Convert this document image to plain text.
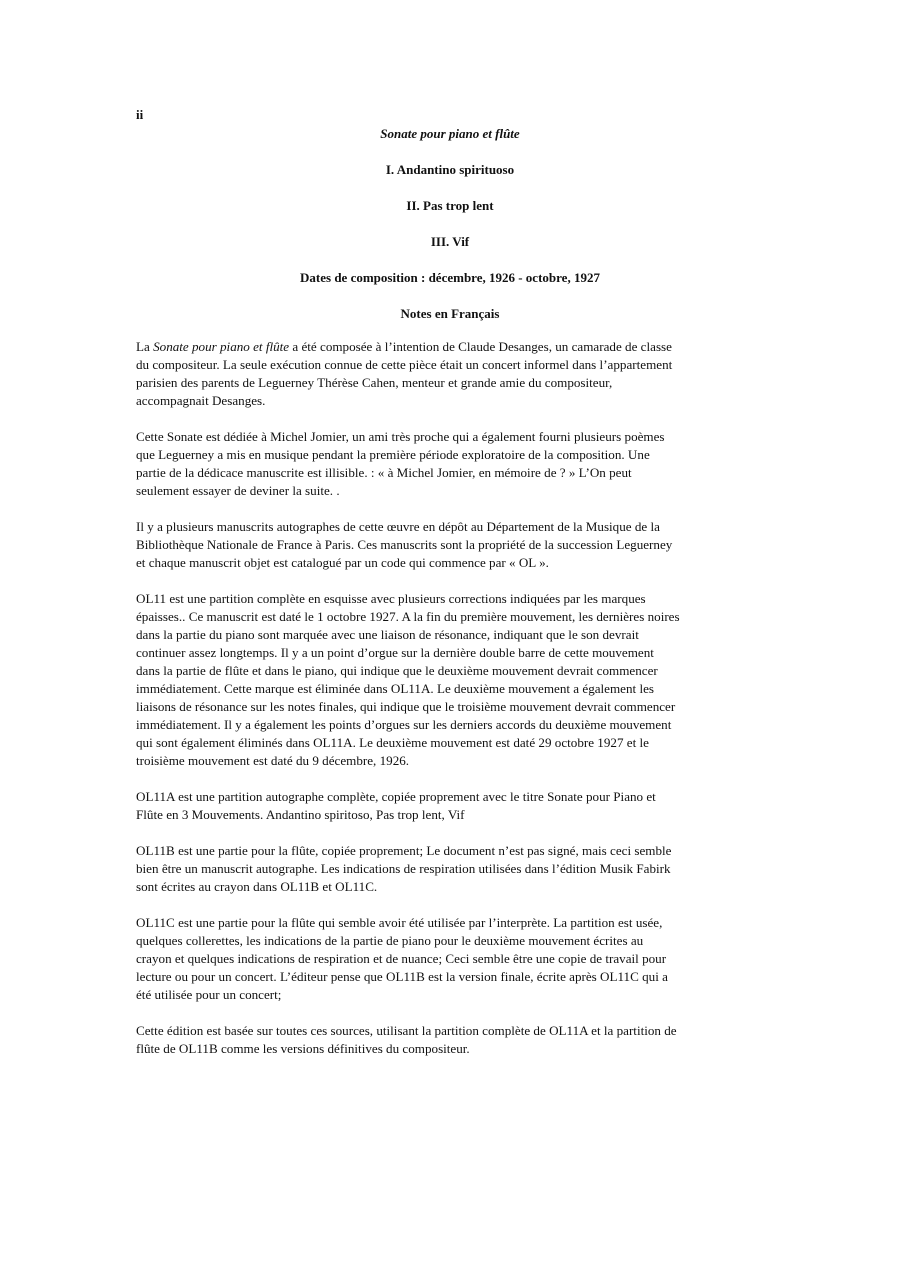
ii
Sonate pour piano et flûte
I. Andantino spirituoso
II. Pas trop lent
III. Vif
Dates de composition : décembre, 1926 - octobre, 1927
Notes en Français

La Sonate pour piano et flûte a été composée à l’intention de Claude Desanges, un camarade de classe
du compositeur. La seule exécution connue de cette pièce était un concert informel dans l’appartement
parisien des parents de Leguerney Thérèse Cahen, menteur et grande amie du compositeur,
accompagnait Desanges.

Cette Sonate est dédiée à Michel Jomier, un ami très proche qui a également fourni plusieurs poèmes
que Leguerney a mis en musique pendant la première période exploratoire de la composition. Une
partie de la dédicace manuscrite est illisible. : « à Michel Jomier, en mémoire de ? » L’On peut
seulement essayer de deviner la suite. .

Il y a plusieurs manuscrits autographes de cette œuvre en dépôt au Département de la Musique de la
Bibliothèque Nationale de France à Paris. Ces manuscrits sont la propriété de la succession Leguerney
et chaque manuscrit objet est catalogué par un code qui commence par « OL ».

OL11 est une partition complète en esquisse avec plusieurs corrections indiquées par les marques
épaisses.. Ce manuscrit est daté le 1 octobre 1927. A la fin du première mouvement, les dernières noires
dans la partie du piano sont marquée avec une liaison de résonance, indiquant que le son devrait
continuer assez longtemps. Il y a un point d’orgue sur la dernière double barre de cette mouvement
dans la partie de flûte et dans le piano, qui indique que le deuxième mouvement devrait commencer
immédiatement. Cette marque est éliminée dans OL11A. Le deuxième mouvement a également les
liaisons de résonance sur les notes finales, qui indique que le troisième mouvement devrait commencer
immédiatement. Il y a également les points d’orgues sur les derniers accords du deuxième mouvement
qui sont également éliminés dans OL11A. Le deuxième mouvement est daté 29 octobre 1927 et le
troisième mouvement est daté du 9 décembre, 1926.

OL11A est une partition autographe complète, copiée proprement avec le titre Sonate pour Piano et
Flûte en 3 Mouvements. Andantino spiritoso, Pas trop lent, Vif

OL11B est une partie pour la flûte, copiée proprement; Le document n’est pas signé, mais ceci semble
bien être un manuscrit autographe. Les indications de respiration utilisées dans l’édition Musik Fabirk
sont écrites au crayon dans OL11B et OL11C.

OL11C est une partie pour la flûte qui semble avoir été utilisée par l’interprète. La partition est usée,
quelques collerettes, les indications de la partie de piano pour le deuxième mouvement écrites au
crayon et quelques indications de respiration et de nuance; Ceci semble être une copie de travail pour
lecture ou pour un concert. L’éditeur pense que OL11B est la version finale, écrite après OL11C qui a
été utilisée pour un concert;

Cette édition est basée sur toutes ces sources, utilisant la partition complète de OL11A et la partition de
flûte de OL11B comme les versions définitives du compositeur.
